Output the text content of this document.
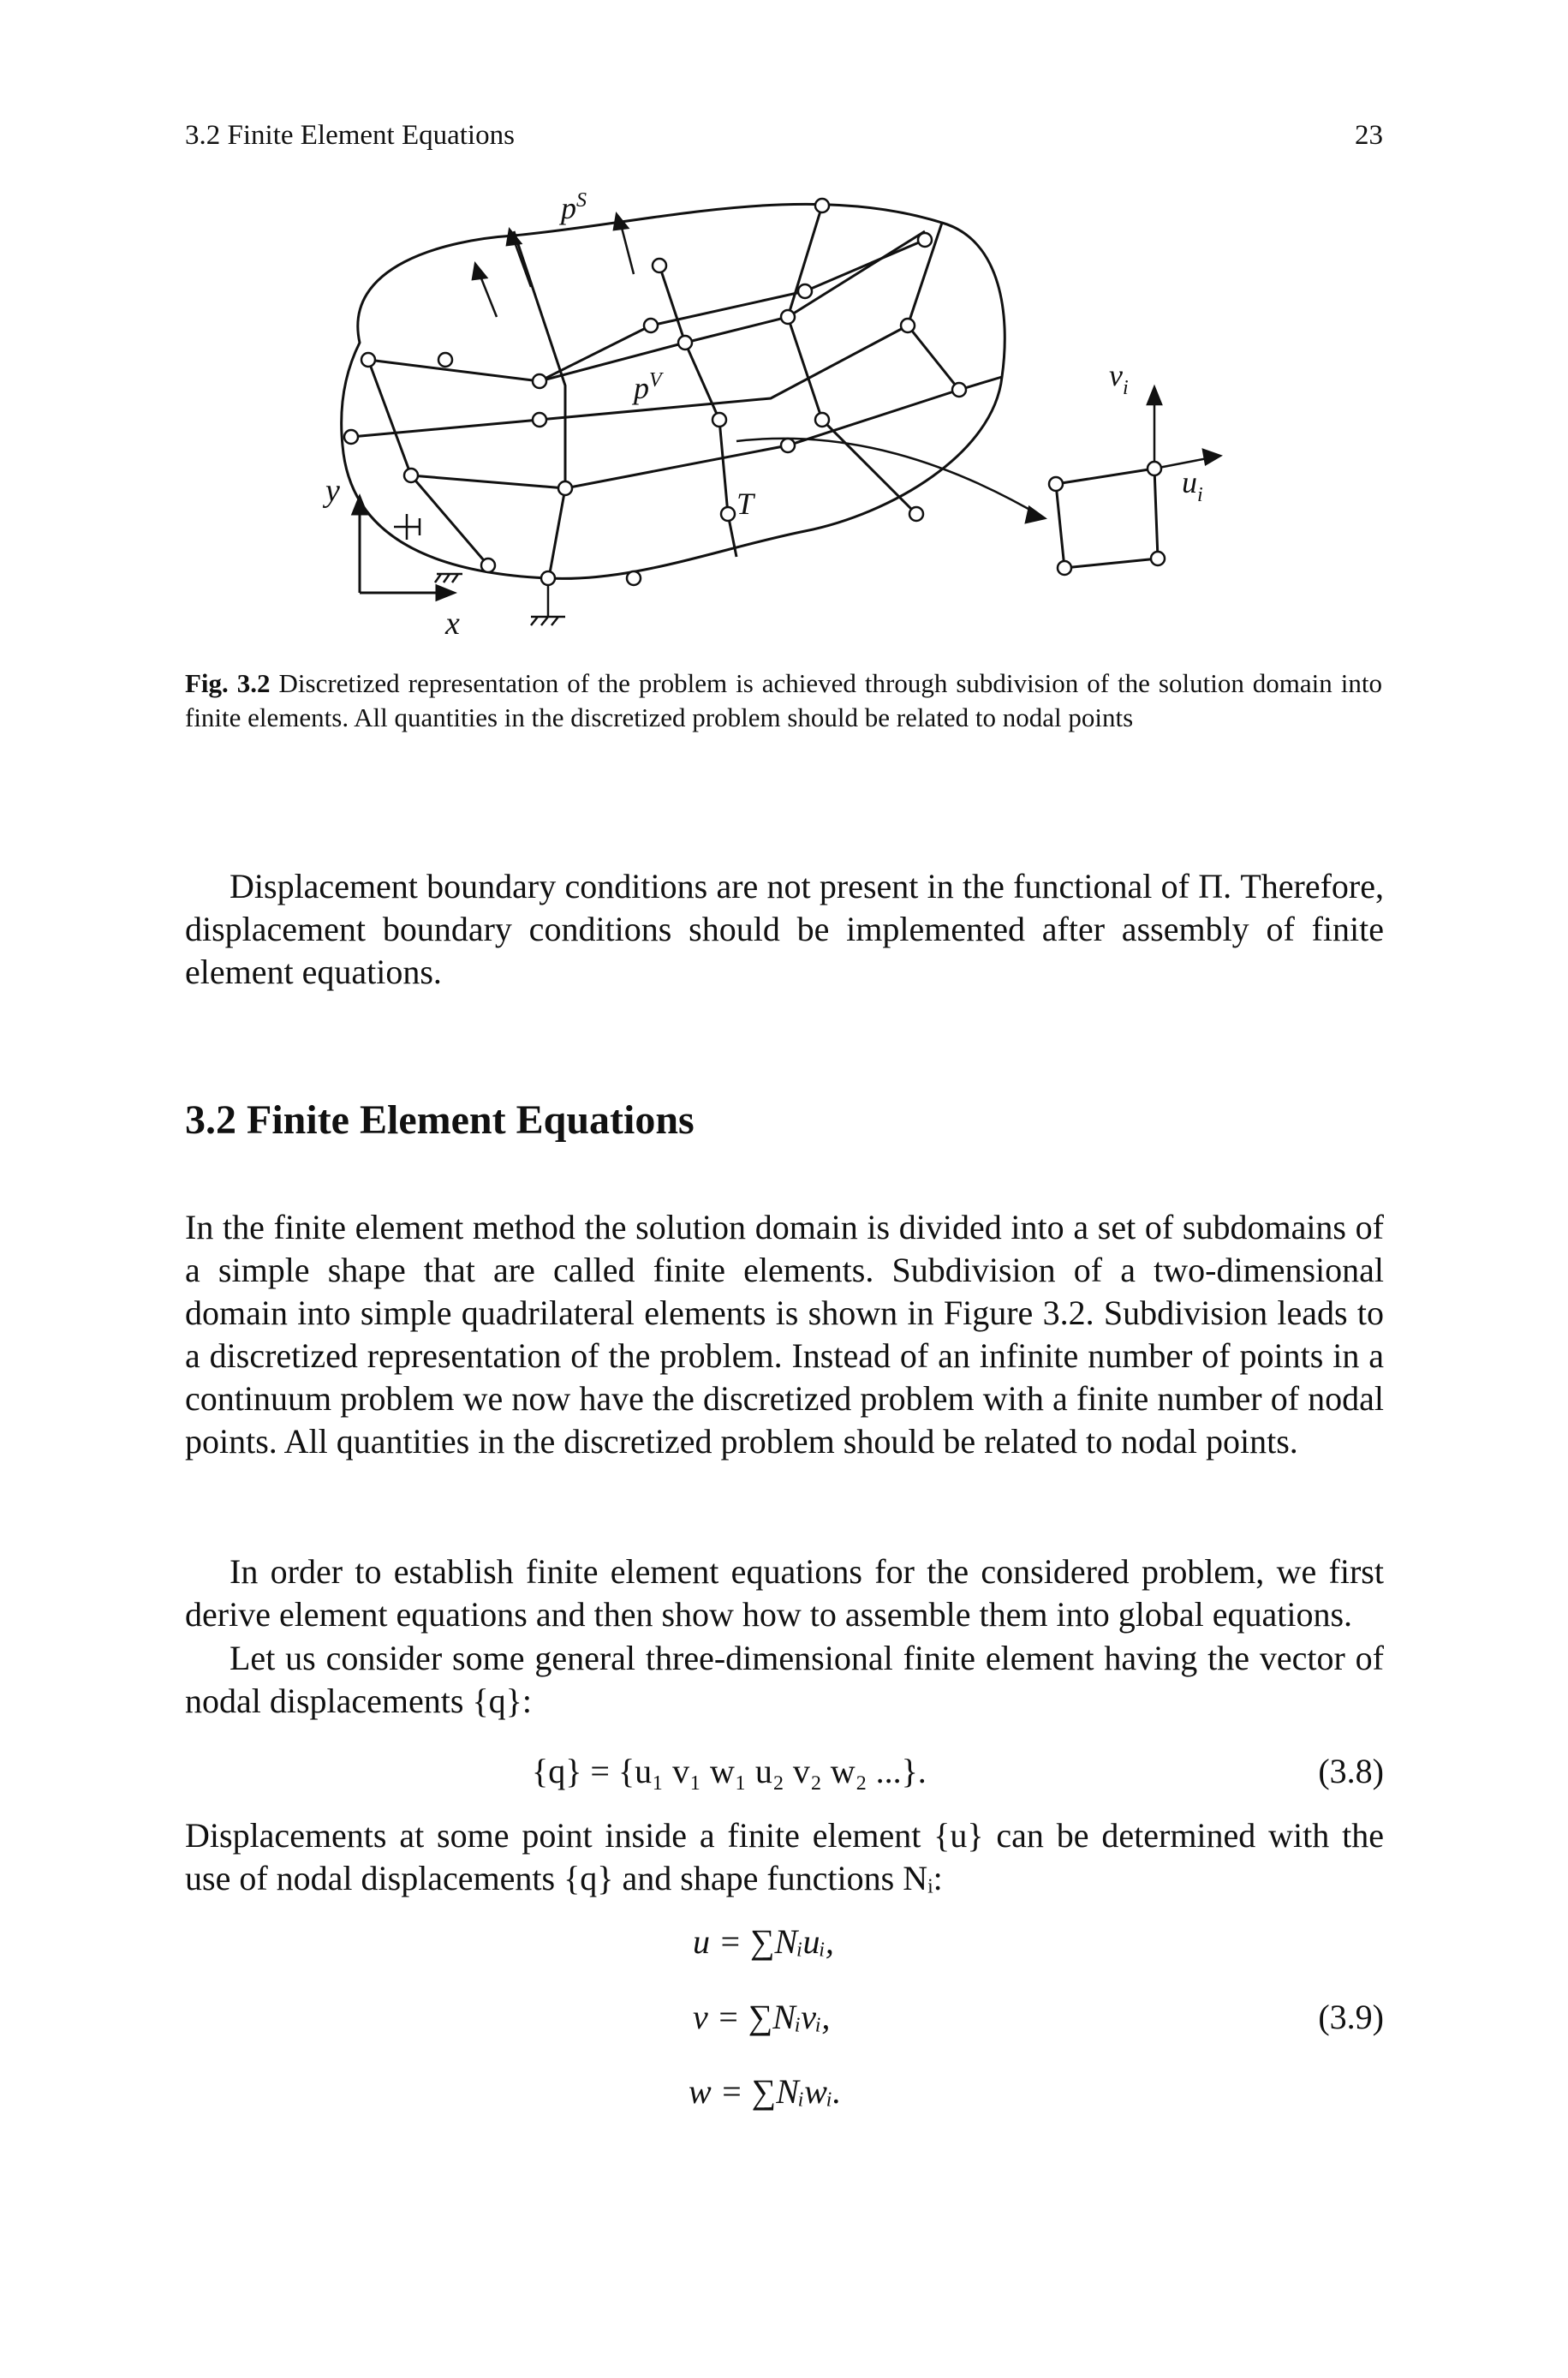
3.2 Finite Element Equations	23
$p^S$
$p^V$
T
$v_i$
$u_i$
y
x
Fig. 3.2 Discretized representation of the problem is achieved through subdivision of the solution domain into finite elements. All quantities in the discretized problem should be related to nodal points

Displacement boundary conditions are not present in the functional of Π. Therefore, displacement boundary conditions should be implemented after assembly of finite element equations.

3.2 Finite Element Equations

In the finite element method the solution domain is divided into a set of subdomains of a simple shape that are called finite elements. Subdivision of a two-dimensional domain into simple quadrilateral elements is shown in Figure 3.2. Subdivision leads to a discretized representation of the problem. Instead of an infinite number of points in a continuum problem we now have the discretized problem with a finite number of nodal points. All quantities in the discretized problem should be related to nodal points.

In order to establish finite element equations for the considered problem, we first derive element equations and then show how to assemble them into global equations.

Let us consider some general three-dimensional finite element having the vector of nodal displacements {q}:

{q} = {u₁ v₁ w₁ u₂ v₂ w₂ ...}.	(3.8)

Displacements at some point inside a finite element {u} can be determined with the use of nodal displacements {q} and shape functions Nᵢ:

u = ∑Nᵢuᵢ,
v = ∑Nᵢvᵢ,	(3.9)
w = ∑Nᵢwᵢ.
